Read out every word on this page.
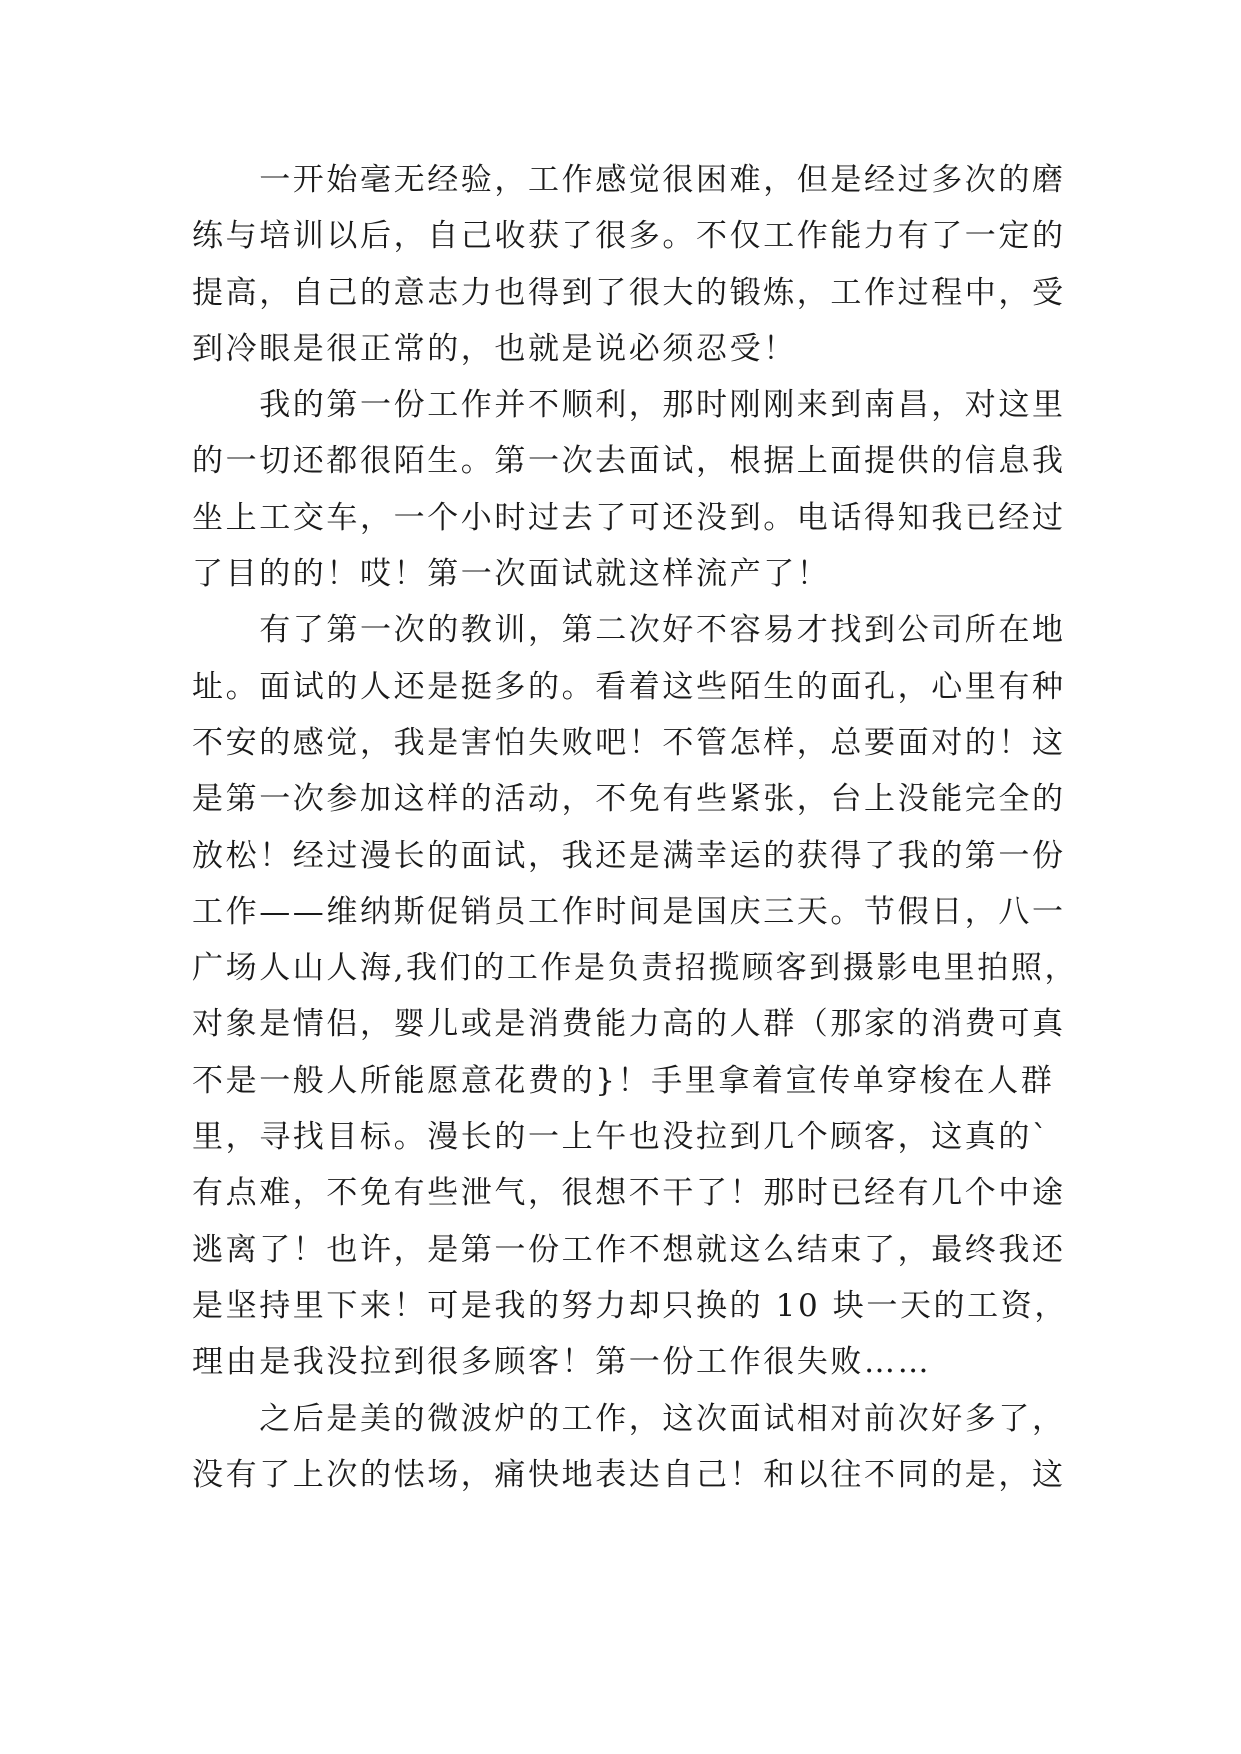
　　一开始毫无经验，工作感觉很困难，但是经过多次的磨
练与培训以后，自己收获了很多。不仅工作能力有了一定的
提高，自己的意志力也得到了很大的锻炼，工作过程中，受
到冷眼是很正常的，也就是说必须忍受！
　　我的第一份工作并不顺利，那时刚刚来到南昌，对这里
的一切还都很陌生。第一次去面试，根据上面提供的信息我
坐上工交车，一个小时过去了可还没到。电话得知我已经过
了目的的！哎！第一次面试就这样流产了！
　　有了第一次的教训，第二次好不容易才找到公司所在地
址。面试的人还是挺多的。看着这些陌生的面孔，心里有种
不安的感觉，我是害怕失败吧！不管怎样，总要面对的！这
是第一次参加这样的活动，不免有些紧张，台上没能完全的
放松！经过漫长的面试，我还是满幸运的获得了我的第一份
工作——维纳斯促销员工作时间是国庆三天。节假日，八一
广场人山人海,我们的工作是负责招揽顾客到摄影电里拍照，
对象是情侣，婴儿或是消费能力高的人群（那家的消费可真
不是一般人所能愿意花费的}！手里拿着宣传单穿梭在人群
里，寻找目标。漫长的一上午也没拉到几个顾客，这真的`
有点难，不免有些泄气，很想不干了！那时已经有几个中途
逃离了！也许，是第一份工作不想就这么结束了，最终我还
是坚持里下来！可是我的努力却只换的 10 块一天的工资，
理由是我没拉到很多顾客！第一份工作很失败……
　　之后是美的微波炉的工作，这次面试相对前次好多了，
没有了上次的怯场，痛快地表达自己！和以往不同的是，这
